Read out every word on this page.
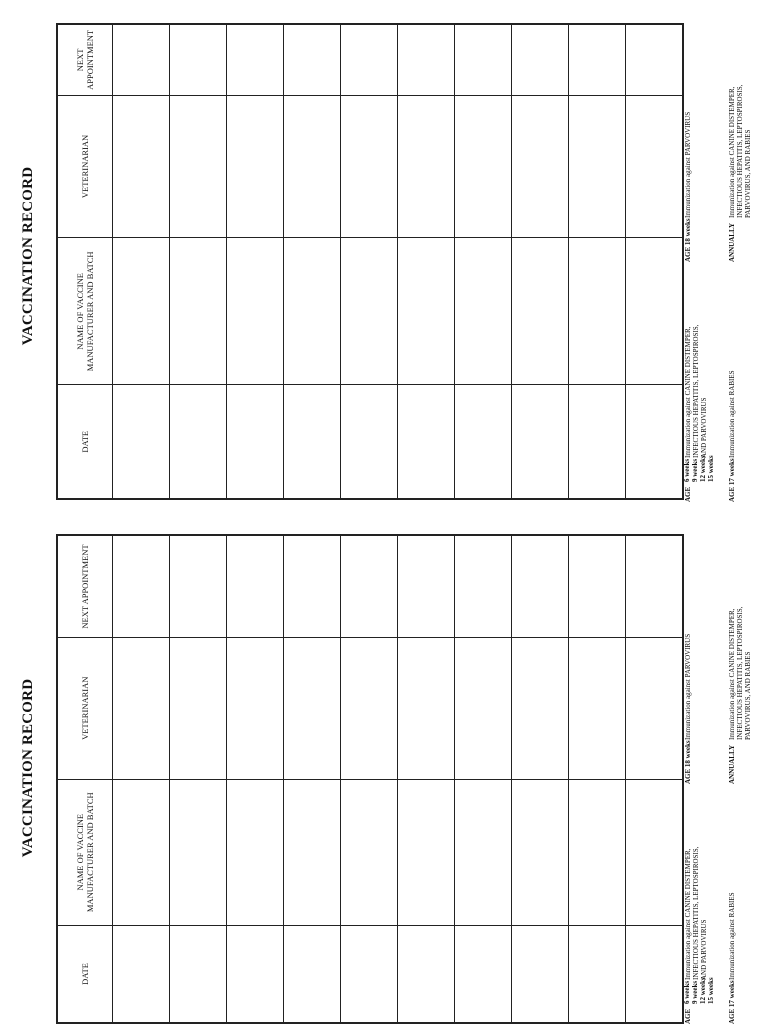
VACCINATION RECORD
DATE	NAME OF VACCINE MANUFACTURER AND BATCH	VETERINARIAN	NEXT APPOINTMENT

AGE
6 weeks
9 weeks
12 weeks
15 weeks
Immunization against CANINE DISTEMPER, INFECTIOUS HEPATITIS, LEPTOSPIROSIS, AND PARVOVIRUS
AGE 17 weeks
Immunization against RABIES
AGE 18 weeks
Immunization against PARVOVIRUS
ANNUALLY
Immunization against CANINE DISTEMPER, INFECTIOUS HEPATITIS, LEPTOSPIROSIS, PARVOVIRUS, AND RABIES
VACCINATION RECORD
DATE	NAME OF VACCINE MANUFACTURER AND BATCH	VETERINARIAN	NEXT APPOINTMENT

AGE
6 weeks
9 weeks
12 weeks
15 weeks
Immunization against CANINE DISTEMPER, INFECTIOUS HEPATITIS, LEPTOSPIROSIS, AND PARVOVIRUS
AGE 17 weeks
Immunization against RABIES
AGE 18 weeks
Immunization against PARVOVIRUS
ANNUALLY
Immunization against CANINE DISTEMPER, INFECTIOUS HEPATITIS, LEPTOSPIROSIS, PARVOVIRUS, AND RABIES
